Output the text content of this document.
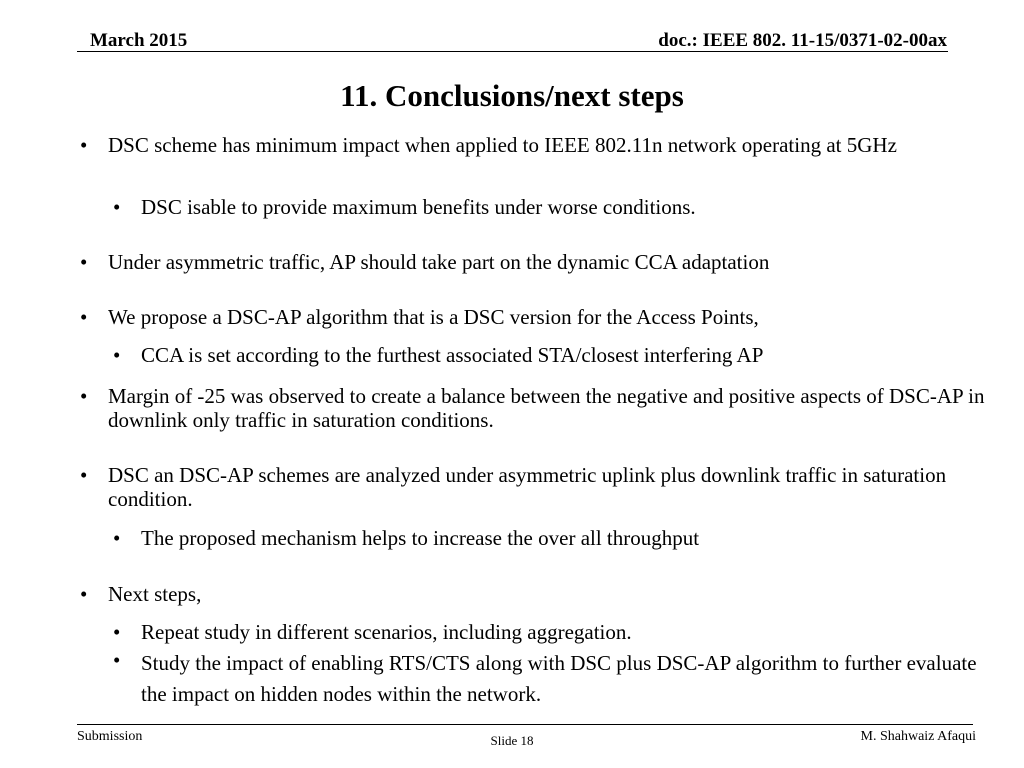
March 2015	doc.: IEEE 802. 11-15/0371-02-00ax
11. Conclusions/next steps
• DSC scheme has minimum impact when applied to IEEE 802.11n network operating at 5GHz
• DSC isable to provide maximum benefits under worse conditions.
• Under asymmetric traffic, AP should take part on the dynamic CCA adaptation
• We propose a DSC-AP algorithm that is a DSC version for the Access Points,
• CCA is set according to the furthest associated STA/closest interfering AP
• Margin of -25 was observed to create a balance between the negative and positive aspects of DSC-AP in downlink only traffic in saturation conditions.
• DSC an DSC-AP schemes are analyzed under asymmetric uplink plus downlink traffic in saturation condition.
• The proposed mechanism helps to increase the over all throughput
• Next steps,
• Repeat study in different scenarios, including aggregation.
• Study the impact of enabling RTS/CTS along with DSC plus DSC-AP algorithm to further evaluate the impact on hidden nodes within the network.
Submission	Slide 18	M. Shahwaiz Afaqui
